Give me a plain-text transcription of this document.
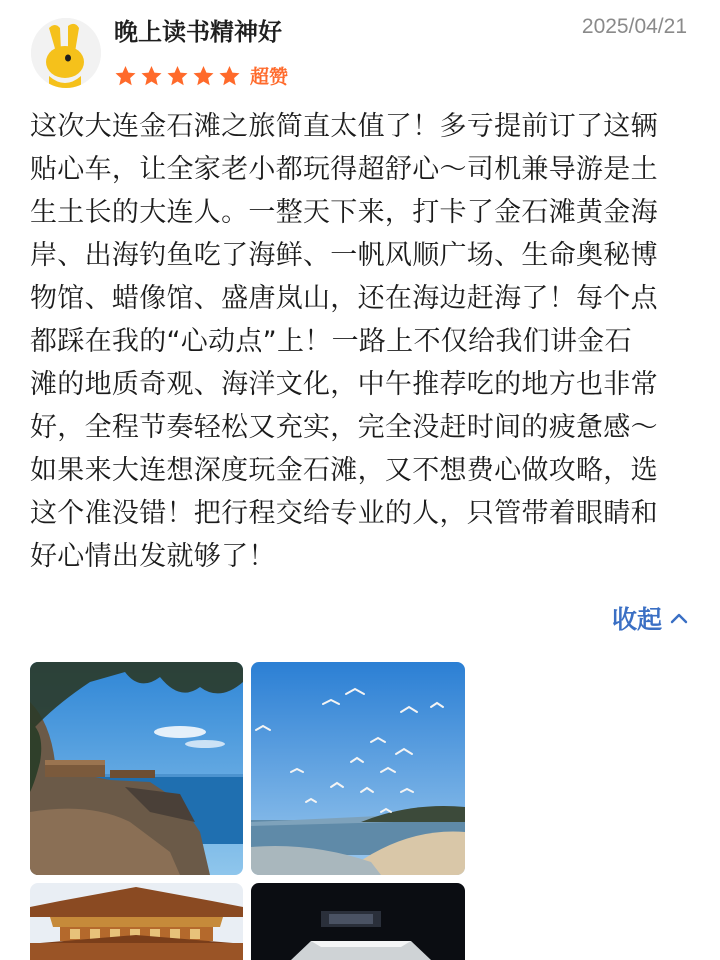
晚上读书精神好	2025/04/21
超赞
这次大连金石滩之旅简直太值了！多亏提前订了这辆
贴心车，让全家老小都玩得超舒心～司机兼导游是土
生土长的大连人。一整天下来，打卡了金石滩黄金海
岸、出海钓鱼吃了海鲜、一帆风顺广场、生命奥秘博
物馆、蜡像馆、盛唐岚山，还在海边赶海了！每个点
都踩在我的“心动点”上！一路上不仅给我们讲金石
滩的地质奇观、海洋文化，中午推荐吃的地方也非常
好，全程节奏轻松又充实，完全没赶时间的疲惫感～
如果来大连想深度玩金石滩，又不想费心做攻略，选
这个准没错！把行程交给专业的人，只管带着眼睛和
好心情出发就够了！
收起
